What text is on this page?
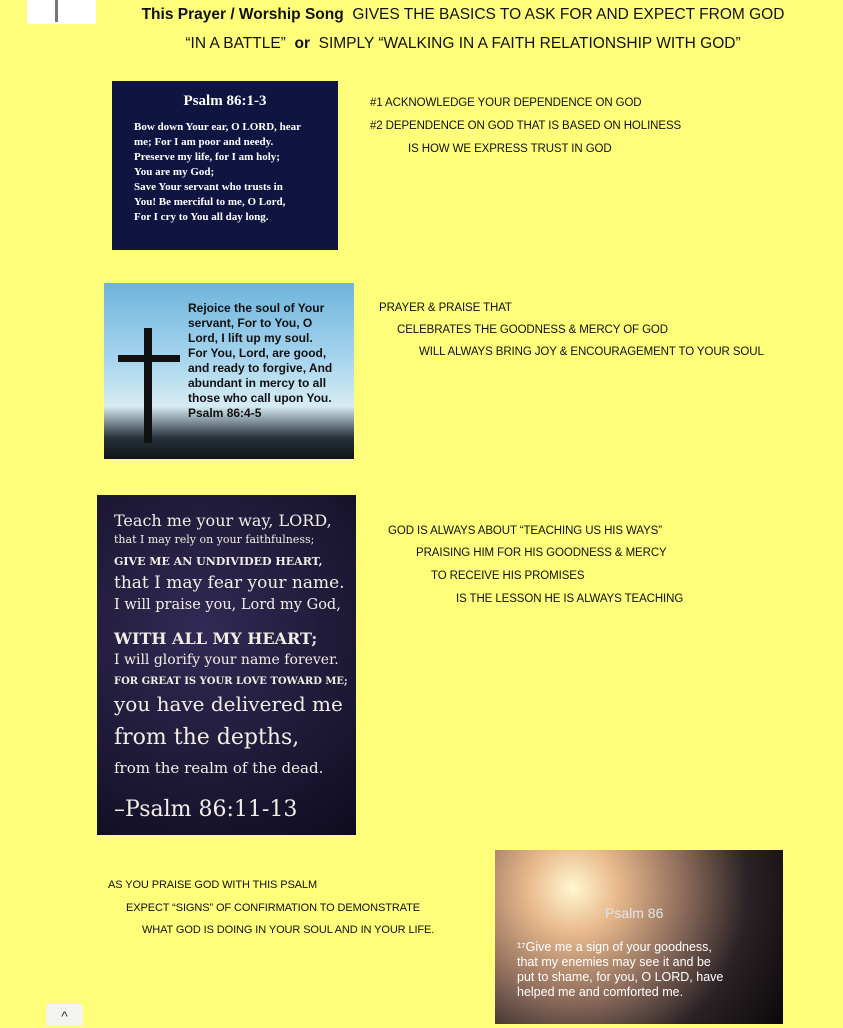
This Prayer / Worship Song GIVES THE BASICS TO ASK FOR AND EXPECT FROM GOD
“IN A BATTLE” or SIMPLY “WALKING IN A FAITH RELATIONSHIP WITH GOD”
Psalm 86:1-3
Bow down Your ear, O LORD, hear
me; For I am poor and needy.
Preserve my life, for I am holy;
You are my God;
Save Your servant who trusts in
You! Be merciful to me, O Lord,
For I cry to You all day long.
#1 ACKNOWLEDGE YOUR DEPENDENCE ON GOD
#2 DEPENDENCE ON GOD THAT IS BASED ON HOLINESS
IS HOW WE EXPRESS TRUST IN GOD
Rejoice the soul of Your
servant, For to You, O
Lord, I lift up my soul.
For You, Lord, are good,
and ready to forgive, And
abundant in mercy to all
those who call upon You.
Psalm 86:4-5
PRAYER & PRAISE THAT
CELEBRATES THE GOODNESS & MERCY OF GOD
WILL ALWAYS BRING JOY & ENCOURAGEMENT TO YOUR SOUL
Teach me your way, LORD,
that I may rely on your faithfulness;
GIVE ME AN UNDIVIDED HEART,
that I may fear your name.
I will praise you, Lord my God,
WITH ALL MY HEART;
I will glorify your name forever.
FOR GREAT IS YOUR LOVE TOWARD ME;
you have delivered me
from the depths,
from the realm of the dead.
–Psalm 86:11-13
GOD IS ALWAYS ABOUT “TEACHING US HIS WAYS”
PRAISING HIM FOR HIS GOODNESS & MERCY
TO RECEIVE HIS PROMISES
IS THE LESSON HE IS ALWAYS TEACHING
AS YOU PRAISE GOD WITH THIS PSALM
EXPECT “SIGNS” OF CONFIRMATION TO DEMONSTRATE
WHAT GOD IS DOING IN YOUR SOUL AND IN YOUR LIFE.
Psalm 86
¹⁷Give me a sign of your goodness,
that my enemies may see it and be
put to shame, for you, O LORD, have
helped me and comforted me.
^
